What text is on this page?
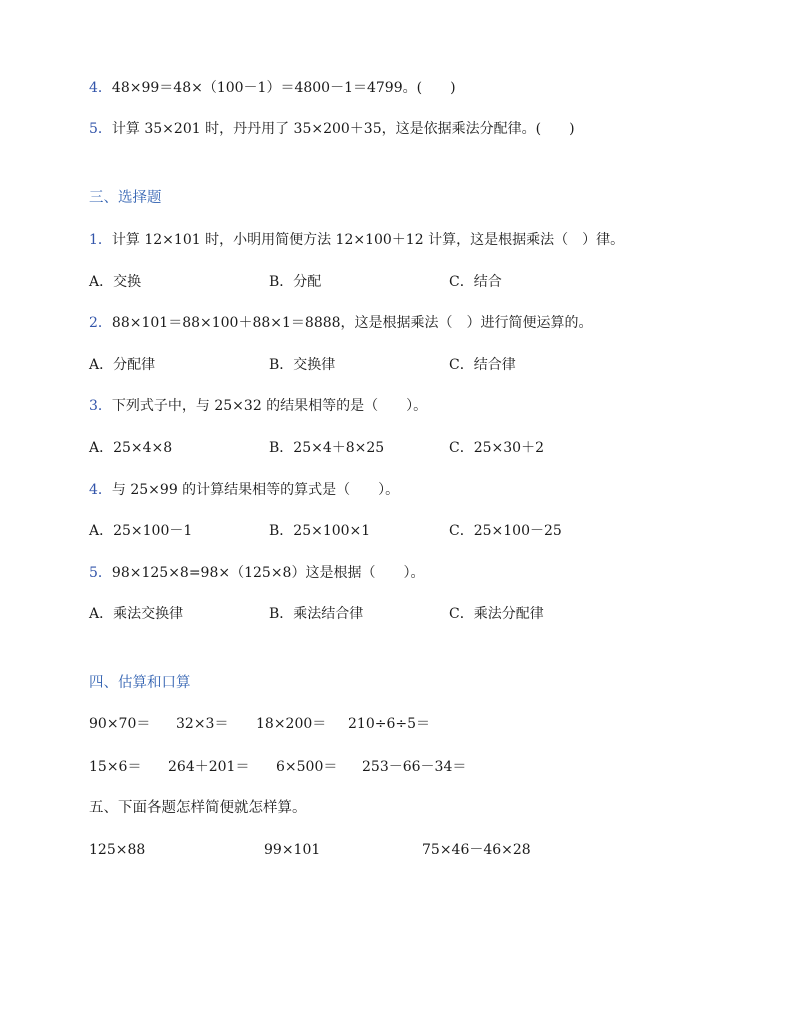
4．48×99＝48×（100－1）＝4800－1＝4799。(　　)
5．计算 35×201 时，丹丹用了 35×200＋35，这是依据乘法分配律。(　　)
三、选择题
1．计算 12×101 时，小明用简便方法 12×100＋12 计算，这是根据乘法（　）律。
A．交换	B．分配	C．结合
2．88×101＝88×100＋88×1＝8888，这是根据乘法（　）进行简便运算的。
A．分配律	B．交换律	C．结合律
3．下列式子中，与 25×32 的结果相等的是（　　）。
A．25×4×8	B．25×4＋8×25	C．25×30＋2
4．与 25×99 的计算结果相等的算式是（　　）。
A．25×100－1	B．25×100×1	C．25×100－25
5．98×125×8=98×（125×8）这是根据（　　）。
A．乘法交换律	B．乘法结合律	C．乘法分配律
四、估算和口算
90×70＝ 32×3＝ 18×200＝ 210÷6÷5＝
15×6＝ 264＋201＝ 6×500＝ 253－66－34＝
五、下面各题怎样简便就怎样算。
125×88	99×101	75×46－46×28
